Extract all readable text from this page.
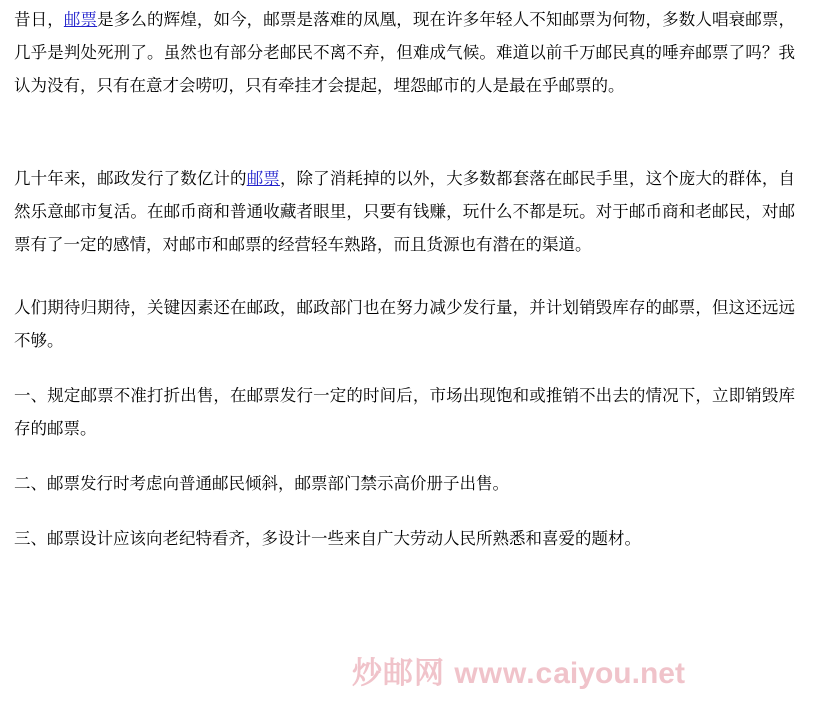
昔日，邮票是多么的辉煌，如今，邮票是落难的凤凰，现在许多年轻人不知邮票为何物，多数人唱衰邮票，几乎是判处死刑了。虽然也有部分老邮民不离不弃，但难成气候。难道以前千万邮民真的唾弃邮票了吗？我认为没有，只有在意才会唠叨，只有牵挂才会提起，埋怨邮市的人是最在乎邮票的。

几十年来，邮政发行了数亿计的邮票，除了消耗掉的以外，大多数都套落在邮民手里，这个庞大的群体，自然乐意邮市复活。在邮币商和普通收藏者眼里，只要有钱赚，玩什么不都是玩。对于邮币商和老邮民，对邮票有了一定的感情，对邮市和邮票的经营轻车熟路，而且货源也有潜在的渠道。

人们期待归期待，关键因素还在邮政，邮政部门也在努力减少发行量，并计划销毁库存的邮票，但这还远远不够。

一、规定邮票不准打折出售，在邮票发行一定的时间后，市场出现饱和或推销不出去的情况下，立即销毁库存的邮票。

二、邮票发行时考虑向普通邮民倾斜，邮票部门禁示高价册子出售。

三、邮票设计应该向老纪特看齐，多设计一些来自广大劳动人民所熟悉和喜爱的题材。

炒邮网 www.caiyou.net
